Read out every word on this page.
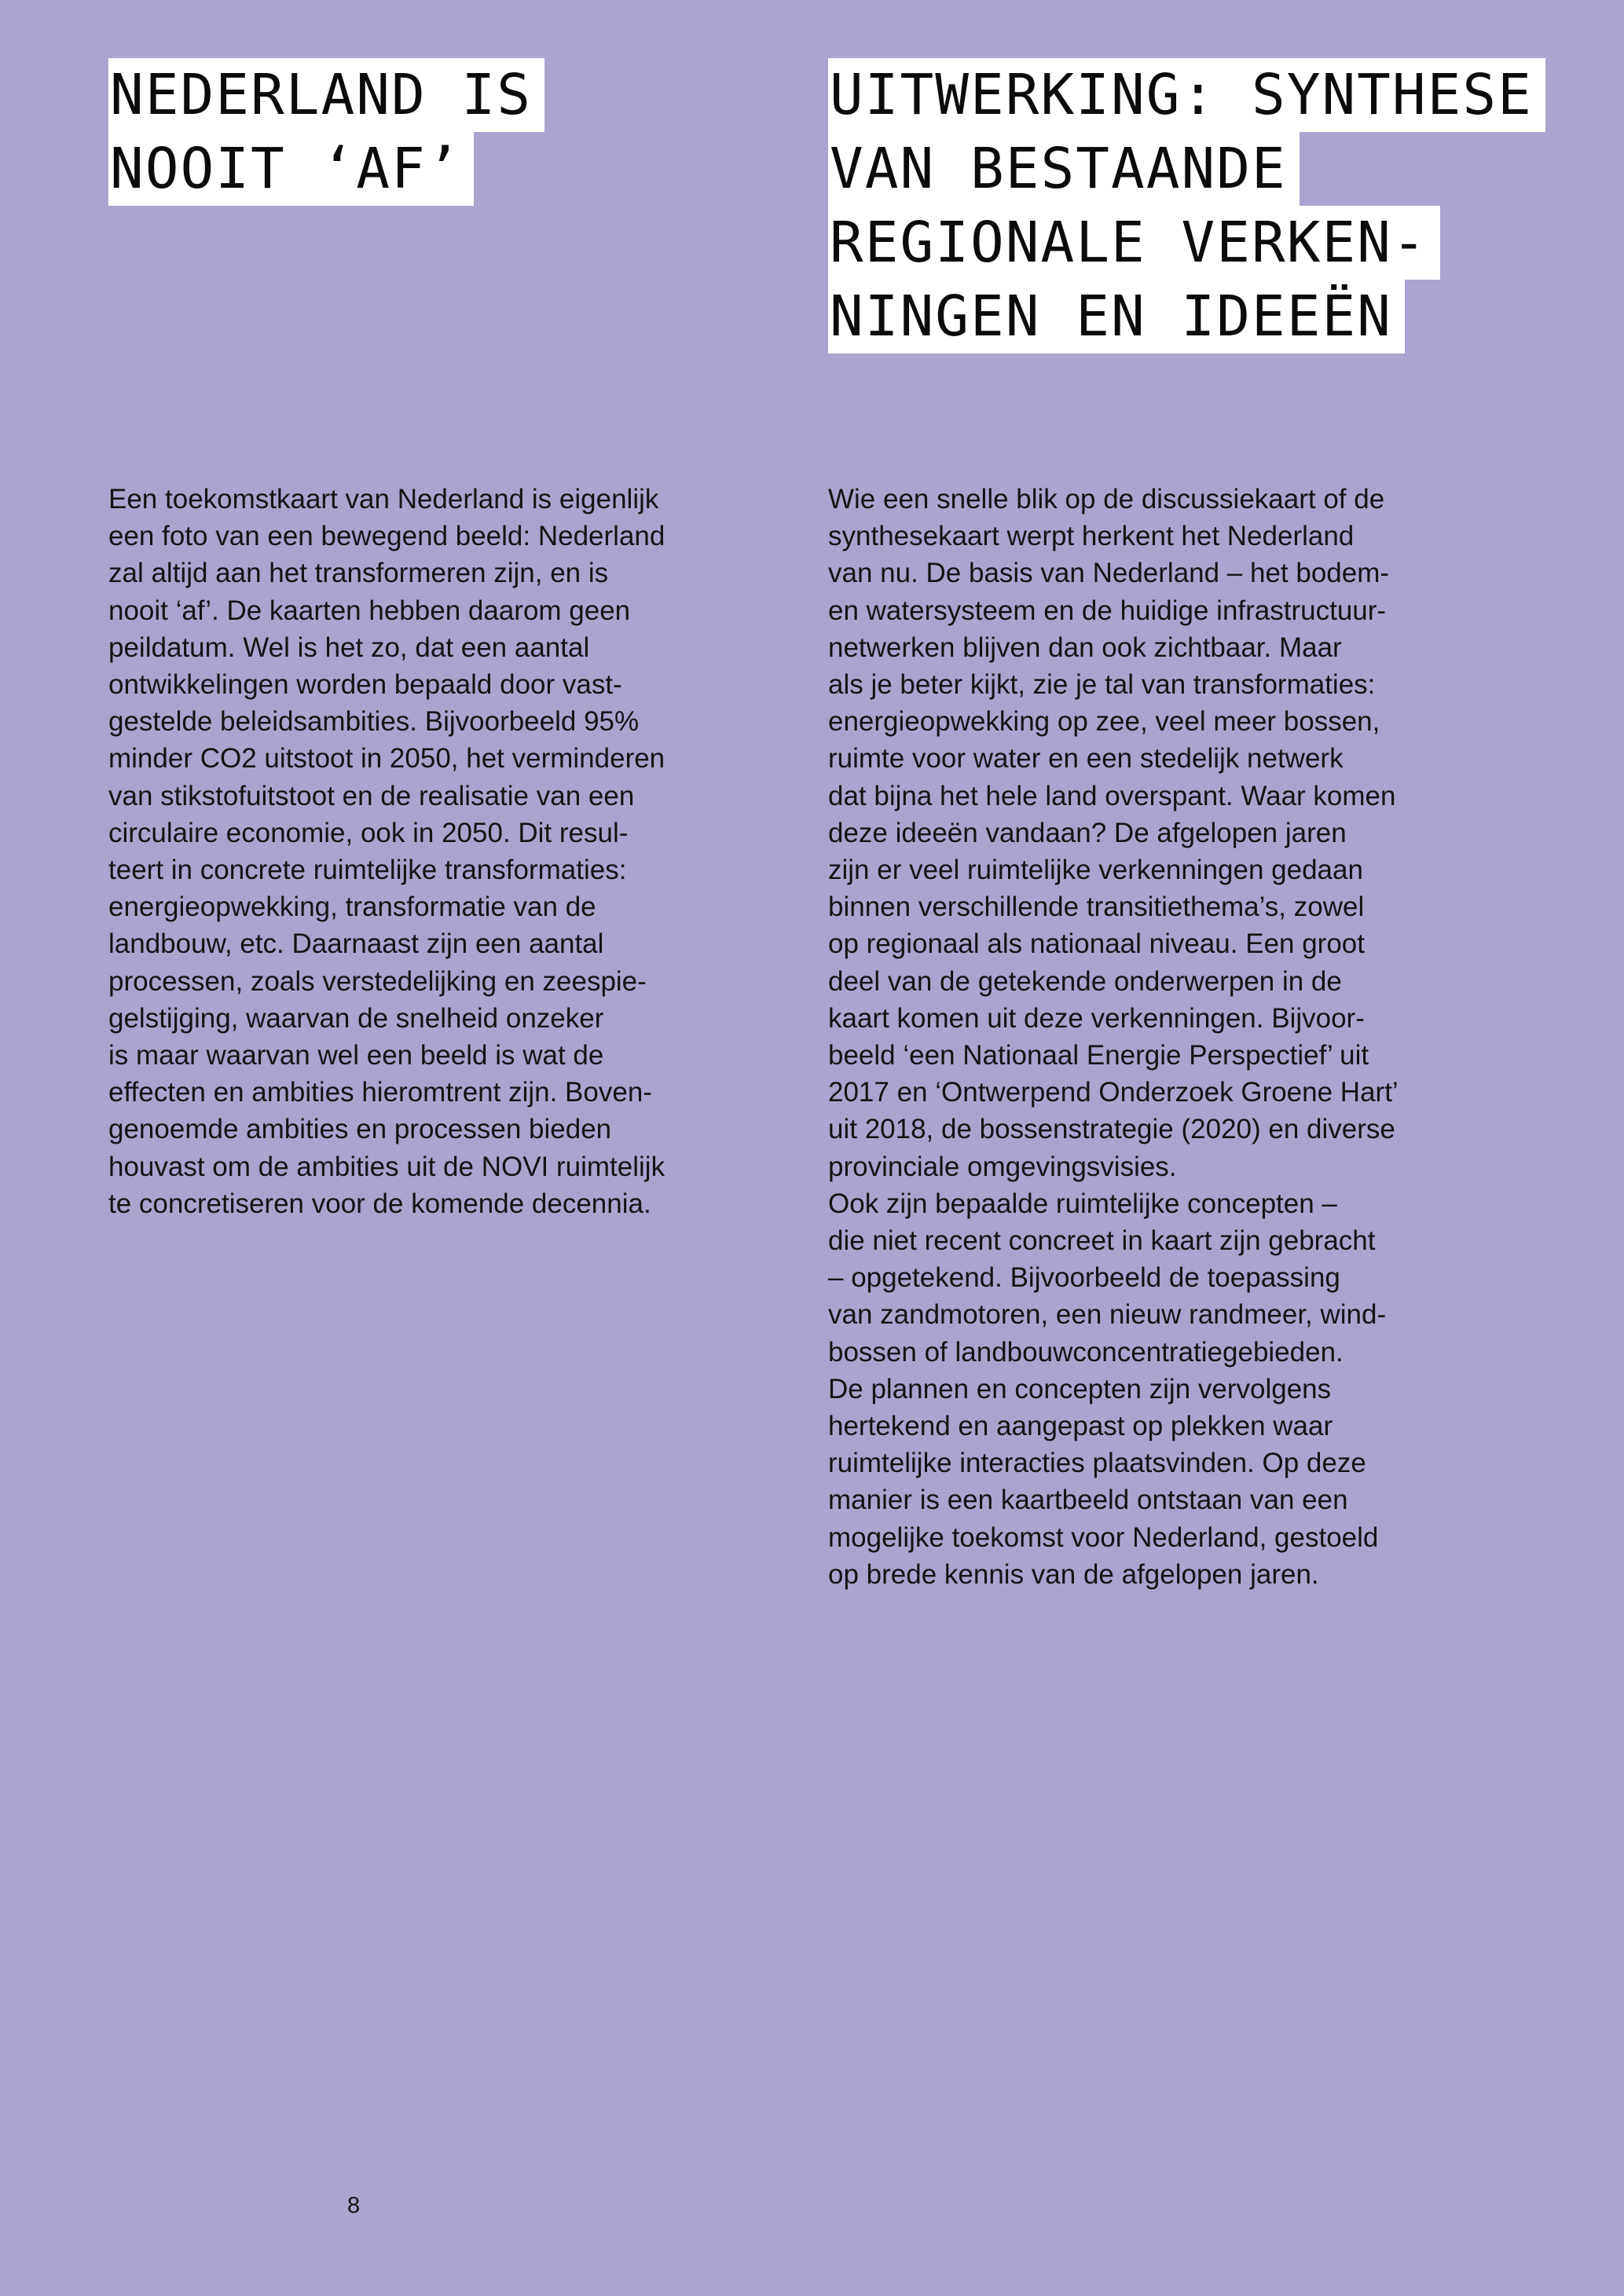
NEDERLAND IS
NOOIT ‘AF’

Een toekomstkaart van Nederland is eigenlijk
een foto van een bewegend beeld: Nederland
zal altijd aan het transformeren zijn, en is
nooit ‘af’. De kaarten hebben daarom geen
peildatum. Wel is het zo, dat een aantal
ontwikkelingen worden bepaald door vast-
gestelde beleidsambities. Bijvoorbeeld 95%
minder CO2 uitstoot in 2050, het verminderen
van stikstofuitstoot en de realisatie van een
circulaire economie, ook in 2050. Dit resul-
teert in concrete ruimtelijke transformaties:
energieopwekking, transformatie van de
landbouw, etc. Daarnaast zijn een aantal
processen, zoals verstedelijking en zeespie-
gelstijging, waarvan de snelheid onzeker
is maar waarvan wel een beeld is wat de
effecten en ambities hieromtrent zijn. Boven-
genoemde ambities en processen bieden
houvast om de ambities uit de NOVI ruimtelijk
te concretiseren voor de komende decennia.

UITWERKING: SYNTHESE
VAN BESTAANDE
REGIONALE VERKEN-
NINGEN EN IDEEËN

Wie een snelle blik op de discussiekaart of de
synthesekaart werpt herkent het Nederland
van nu. De basis van Nederland – het bodem-
en watersysteem en de huidige infrastructuur-
netwerken blijven dan ook zichtbaar. Maar
als je beter kijkt, zie je tal van transformaties:
energieopwekking op zee, veel meer bossen,
ruimte voor water en een stedelijk netwerk
dat bijna het hele land overspant. Waar komen
deze ideeën vandaan? De afgelopen jaren
zijn er veel ruimtelijke verkenningen gedaan
binnen verschillende transitiethema’s, zowel
op regionaal als nationaal niveau. Een groot
deel van de getekende onderwerpen in de
kaart komen uit deze verkenningen. Bijvoor-
beeld ‘een Nationaal Energie Perspectief’ uit
2017 en ‘Ontwerpend Onderzoek Groene Hart’
uit 2018, de bossenstrategie (2020) en diverse
provinciale omgevingsvisies.
Ook zijn bepaalde ruimtelijke concepten –
die niet recent concreet in kaart zijn gebracht
– opgetekend. Bijvoorbeeld de toepassing
van zandmotoren, een nieuw randmeer, wind-
bossen of landbouwconcentratiegebieden.
De plannen en concepten zijn vervolgens
hertekend en aangepast op plekken waar
ruimtelijke interacties plaatsvinden. Op deze
manier is een kaartbeeld ontstaan van een
mogelijke toekomst voor Nederland, gestoeld
op brede kennis van de afgelopen jaren.

8
